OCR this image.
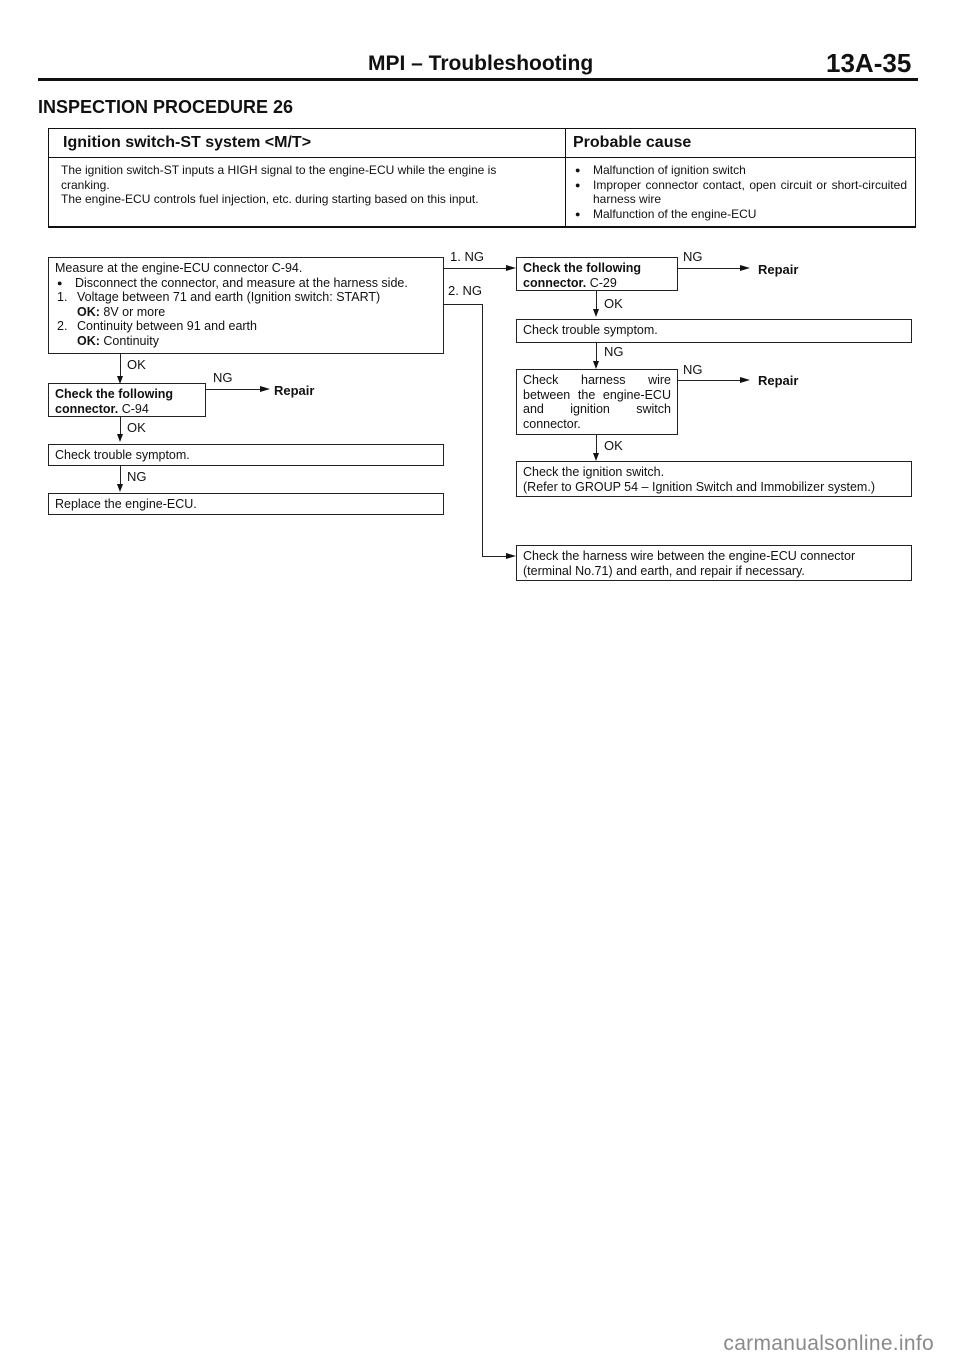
MPI – Troubleshooting	13A-35
INSPECTION PROCEDURE 26
Ignition switch-ST system <M/T>	Probable cause
The ignition switch-ST inputs a HIGH signal to the engine-ECU while the engine is
cranking.
The engine-ECU controls fuel injection, etc. during starting based on this input.
● Malfunction of ignition switch
● Improper connector contact, open circuit or short-circuited harness wire
● Malfunction of the engine-ECU
Measure at the engine-ECU connector C-94.
● Disconnect the connector, and measure at the harness side.
1. Voltage between 71 and earth (Ignition switch: START)
OK: 8V or more
2. Continuity between 91 and earth
OK: Continuity
OK
Check the following connector. C-94
NG
Repair
OK
Check trouble symptom.
NG
Replace the engine-ECU.
1. NG
2. NG
Check the following connector. C-29
NG
Repair
OK
Check trouble symptom.
NG
Check harness wire between the engine-ECU and ignition switch connector.
NG
Repair
OK
Check the ignition switch.
(Refer to GROUP 54 – Ignition Switch and Immobilizer system.)
Check the harness wire between the engine-ECU connector (terminal No.71) and earth, and repair if necessary.
carmanualsonline.info
